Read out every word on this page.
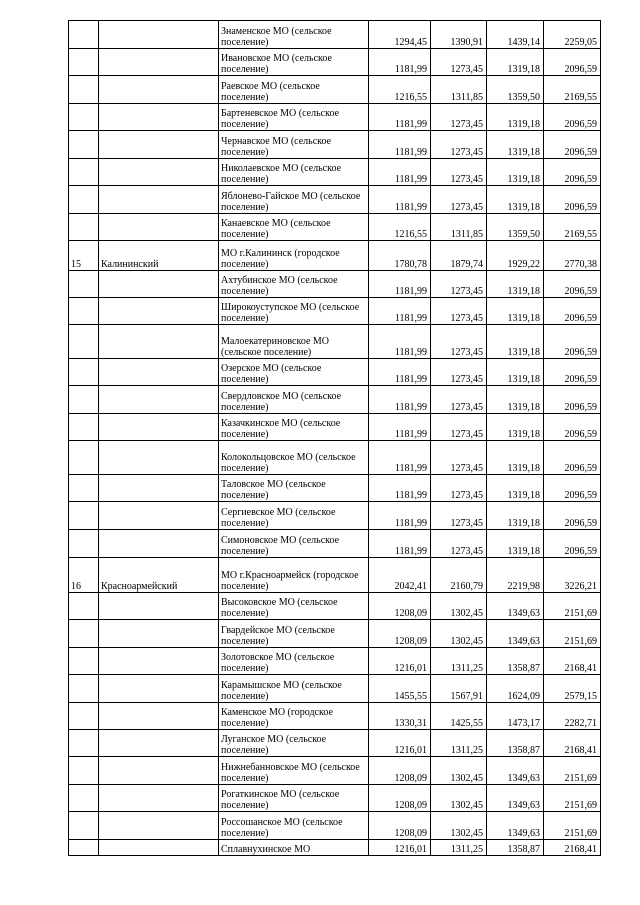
		Знаменское МО (сельское поселение)	1294,45	1390,91	1439,14	2259,05
		Ивановское МО (сельское поселение)	1181,99	1273,45	1319,18	2096,59
		Раевское МО (сельское поселение)	1216,55	1311,85	1359,50	2169,55
		Бартеневское МО (сельское поселение)	1181,99	1273,45	1319,18	2096,59
		Чернавское МО (сельское поселение)	1181,99	1273,45	1319,18	2096,59
		Николаевское МО (сельское поселение)	1181,99	1273,45	1319,18	2096,59
		Яблонево-Гайское МО (сельское поселение)	1181,99	1273,45	1319,18	2096,59
		Канаевское МО (сельское поселение)	1216,55	1311,85	1359,50	2169,55
15	Калининский	МО г.Калининск (городское поселение)	1780,78	1879,74	1929,22	2770,38
		Ахтубинское МО (сельское поселение)	1181,99	1273,45	1319,18	2096,59
		Широкоуступское МО (сельское поселение)	1181,99	1273,45	1319,18	2096,59
		Малоекатериновское МО (сельское поселение)	1181,99	1273,45	1319,18	2096,59
		Озерское МО (сельское поселение)	1181,99	1273,45	1319,18	2096,59
		Свердловское МО (сельское поселение)	1181,99	1273,45	1319,18	2096,59
		Казачкинское МО (сельское поселение)	1181,99	1273,45	1319,18	2096,59
		Колокольцовское МО (сельское поселение)	1181,99	1273,45	1319,18	2096,59
		Таловское МО (сельское поселение)	1181,99	1273,45	1319,18	2096,59
		Сергиевское МО (сельское поселение)	1181,99	1273,45	1319,18	2096,59
		Симоновское МО (сельское поселение)	1181,99	1273,45	1319,18	2096,59
16	Красноармейский	МО г.Красноармейск (городское поселение)	2042,41	2160,79	2219,98	3226,21
		Высоковское МО (сельское поселение)	1208,09	1302,45	1349,63	2151,69
		Гвардейское МО (сельское поселение)	1208,09	1302,45	1349,63	2151,69
		Золотовское МО (сельское поселение)	1216,01	1311,25	1358,87	2168,41
		Карамышское МО (сельское поселение)	1455,55	1567,91	1624,09	2579,15
		Каменское МО (городское поселение)	1330,31	1425,55	1473,17	2282,71
		Луганское МО (сельское поселение)	1216,01	1311,25	1358,87	2168,41
		Нижнебанновское МО (сельское поселение)	1208,09	1302,45	1349,63	2151,69
		Рогаткинское МО (сельское поселение)	1208,09	1302,45	1349,63	2151,69
		Россошанское МО (сельское поселение)	1208,09	1302,45	1349,63	2151,69
		Сплавнухинское МО	1216,01	1311,25	1358,87	2168,41
